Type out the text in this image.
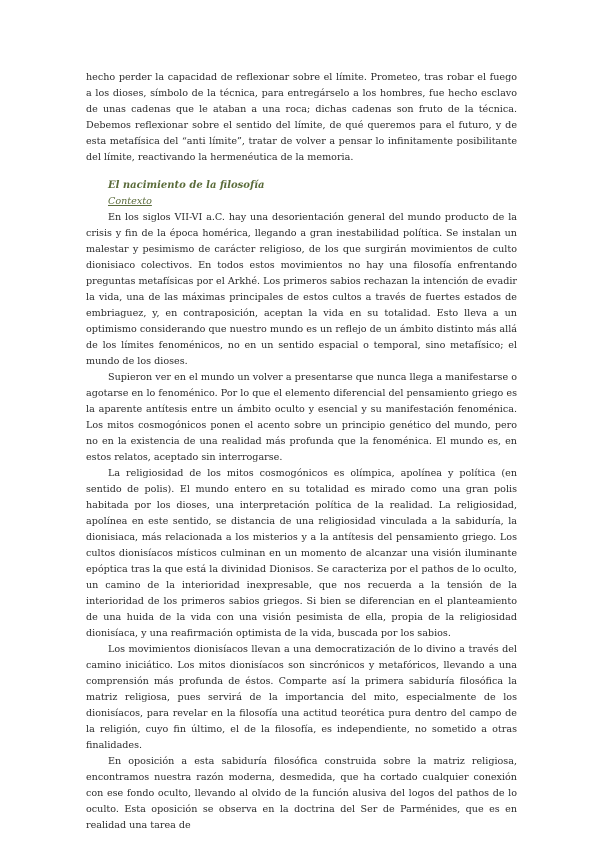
hecho perder la capacidad de reflexionar sobre el límite. Prometeo, tras robar el fuego a los dioses, símbolo de la técnica, para entregárselo a los hombres, fue hecho esclavo de unas cadenas que le ataban a una roca; dichas cadenas son fruto de la técnica. Debemos reflexionar sobre el sentido del límite, de qué queremos para el futuro, y de esta metafísica del “anti límite”, tratar de volver a pensar lo infinitamente posibilitante del límite, reactivando la hermenéutica de la memoria.

El nacimiento de la filosofía

Contexto

En los siglos VII-VI a.C. hay una desorientación general del mundo producto de la crisis y fin de la época homérica, llegando a gran inestabilidad política. Se instalan un malestar y pesimismo de carácter religioso, de los que surgirán movimientos de culto dionisiaco colectivos. En todos estos movimientos no hay una filosofía enfrentando preguntas metafísicas por el Arkhé. Los primeros sabios rechazan la intención de evadir la vida, una de las máximas principales de estos cultos a través de fuertes estados de embriaguez, y, en contraposición, aceptan la vida en su totalidad. Esto lleva a un optimismo considerando que nuestro mundo es un reflejo de un ámbito distinto más allá de los límites fenoménicos, no en un sentido espacial o temporal, sino metafísico; el mundo de los dioses.

Supieron ver en el mundo un volver a presentarse que nunca llega a manifestarse o agotarse en lo fenoménico. Por lo que el elemento diferencial del pensamiento griego es la aparente antítesis entre un ámbito oculto y esencial y su manifestación fenoménica. Los mitos cosmogónicos ponen el acento sobre un principio genético del mundo, pero no en la existencia de una realidad más profunda que la fenoménica. El mundo es, en estos relatos, aceptado sin interrogarse.

La religiosidad de los mitos cosmogónicos es olímpica, apolínea y política (en sentido de polis). El mundo entero en su totalidad es mirado como una gran polis habitada por los dioses, una interpretación política de la realidad. La religiosidad, apolínea en este sentido, se distancia de una religiosidad vinculada a la sabiduría, la dionisiaca, más relacionada a los misterios y a la antítesis del pensamiento griego. Los cultos dionisíacos místicos culminan en un momento de alcanzar una visión iluminante epóptica tras la que está la divinidad Dionisos. Se caracteriza por el pathos de lo oculto, un camino de la interioridad inexpresable, que nos recuerda a la tensión de la interioridad de los primeros sabios griegos. Si bien se diferencian en el planteamiento de una huida de la vida con una visión pesimista de ella, propia de la religiosidad dionisíaca, y una reafirmación optimista de la vida, buscada por los sabios.

Los movimientos dionisíacos llevan a una democratización de lo divino a través del camino iniciático. Los mitos dionisíacos son sincrónicos y metafóricos, llevando a una comprensión más profunda de éstos. Comparte así la primera sabiduría filosófica la matriz religiosa, pues servirá de la importancia del mito, especialmente de los dionisíacos, para revelar en la filosofía una actitud teorética pura dentro del campo de la religión, cuyo fin último, el de la filosofía, es independiente, no sometido a otras finalidades.

En oposición a esta sabiduría filosófica construida sobre la matriz religiosa, encontramos nuestra razón moderna, desmedida, que ha cortado cualquier conexión con ese fondo oculto, llevando al olvido de la función alusiva del logos del pathos de lo oculto. Esta oposición se observa en la doctrina del Ser de Parménides, que es en realidad una tarea de
